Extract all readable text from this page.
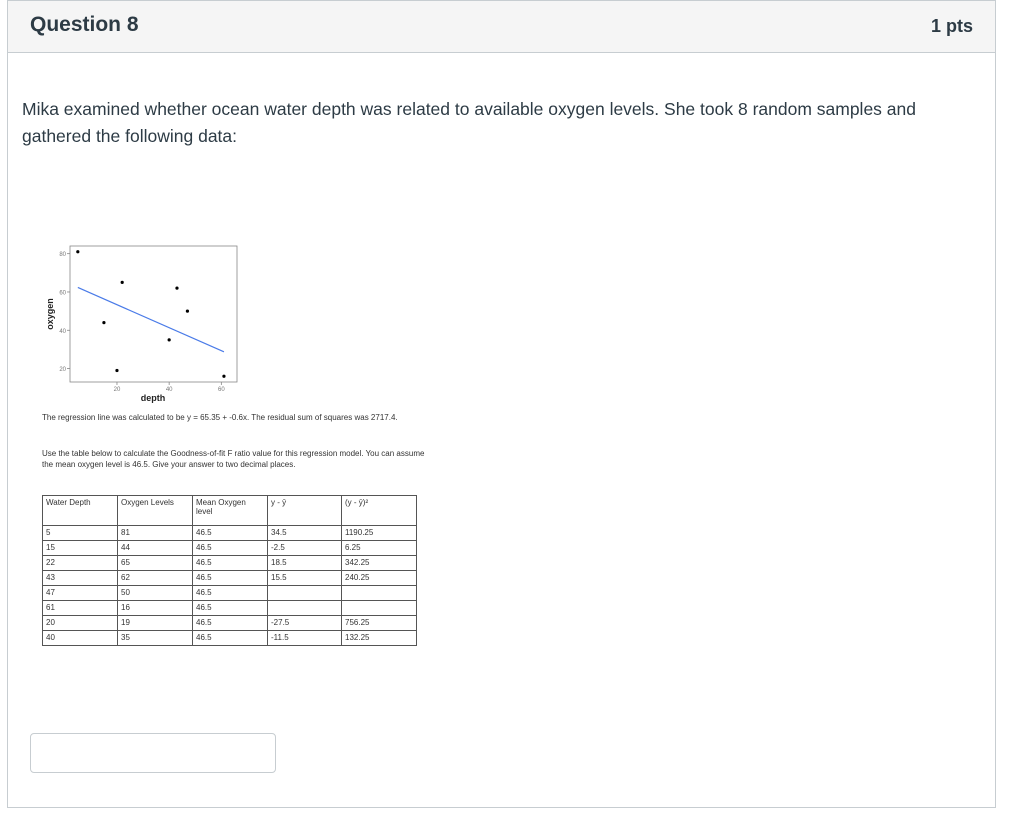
Question 8	1 pts
Mika examined whether ocean water depth was related to available oxygen levels. She took 8 random samples and gathered the following data:
20
40
60
80
20	40	60
depth
oxygen
The regression line was calculated to be y = 65.35 + -0.6x. The residual sum of squares was 2717.4.
Use the table below to calculate the Goodness-of-fit F ratio value for this regression model. You can assume the mean oxygen level is 46.5. Give your answer to two decimal places.
Water Depth	Oxygen Levels	Mean Oxygen level	y - ȳ	(y - ȳ)²
5	81	46.5	34.5	1190.25
15	44	46.5	-2.5	6.25
22	65	46.5	18.5	342.25
43	62	46.5	15.5	240.25
47	50	46.5		
61	16	46.5		
20	19	46.5	-27.5	756.25
40	35	46.5	-11.5	132.25
